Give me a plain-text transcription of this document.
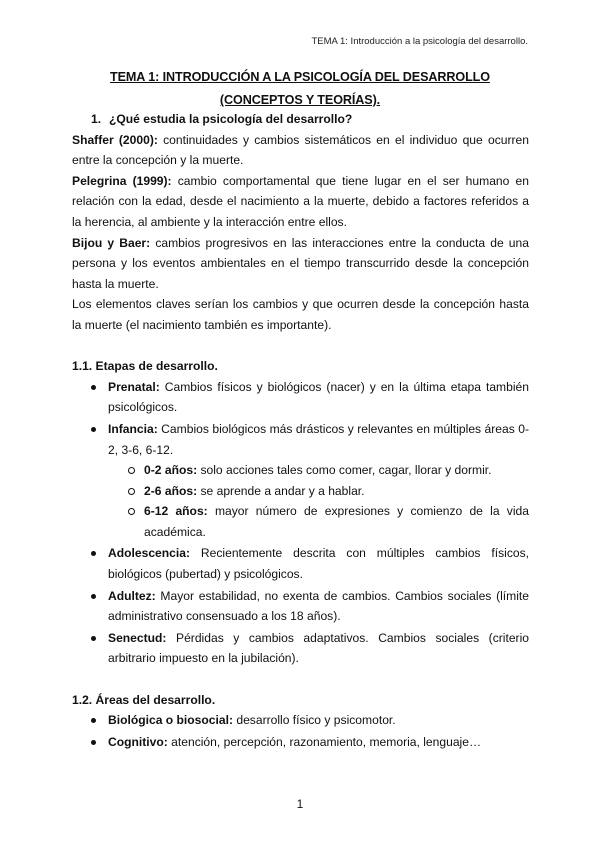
TEMA 1: Introducción a la psicología del desarrollo.
TEMA 1: INTRODUCCIÓN A LA PSICOLOGÍA DEL DESARROLLO
(CONCEPTOS Y TEORÍAS).

1. ¿Qué estudia la psicología del desarrollo?

Shaffer (2000): continuidades y cambios sistemáticos en el individuo que ocurren entre la concepción y la muerte.

Pelegrina (1999): cambio comportamental que tiene lugar en el ser humano en relación con la edad, desde el nacimiento a la muerte, debido a factores referidos a la herencia, al ambiente y la interacción entre ellos.

Bijou y Baer: cambios progresivos en las interacciones entre la conducta de una persona y los eventos ambientales en el tiempo transcurrido desde la concepción hasta la muerte.

Los elementos claves serían los cambios y que ocurren desde la concepción hasta la muerte (el nacimiento también es importante).

1.1. Etapas de desarrollo.

Prenatal: Cambios físicos y biológicos (nacer) y en la última etapa también psicológicos.
Infancia: Cambios biológicos más drásticos y relevantes en múltiples áreas 0-2, 3-6, 6-12.
0-2 años: solo acciones tales como comer, cagar, llorar y dormir.
2-6 años: se aprende a andar y a hablar.
6-12 años: mayor número de expresiones y comienzo de la vida académica.
Adolescencia: Recientemente descrita con múltiples cambios físicos, biológicos (pubertad) y psicológicos.
Adultez: Mayor estabilidad, no exenta de cambios. Cambios sociales (límite administrativo consensuado a los 18 años).
Senectud: Pérdidas y cambios adaptativos. Cambios sociales (criterio arbitrario impuesto en la jubilación).

1.2. Áreas del desarrollo.

Biológica o biosocial: desarrollo físico y psicomotor.
Cognitivo: atención, percepción, razonamiento, memoria, lenguaje…
1
